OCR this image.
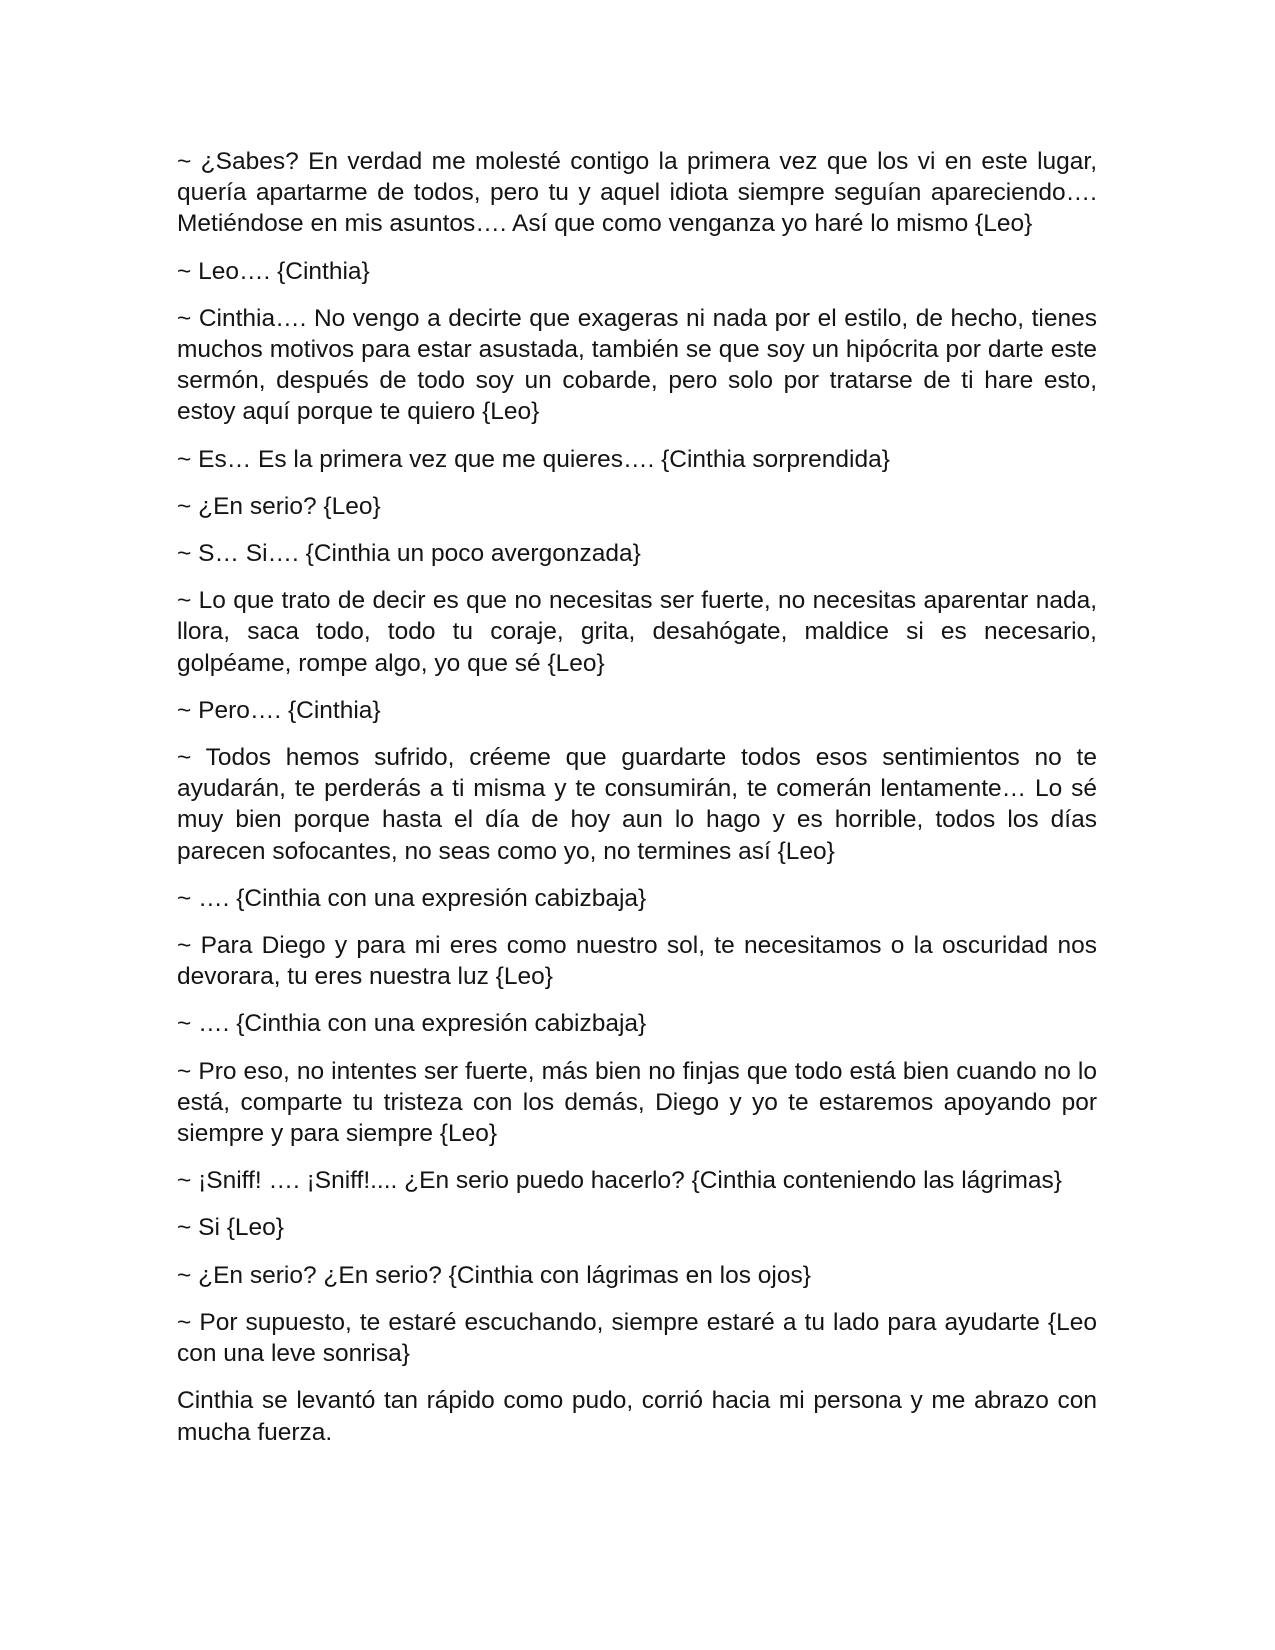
~ ¿Sabes? En verdad me molesté contigo la primera vez que los vi en este lugar, quería apartarme de todos, pero tu y aquel idiota siempre seguían apareciendo…. Metiéndose en mis asuntos…. Así que como venganza yo haré lo mismo {Leo}

~ Leo…. {Cinthia}

~ Cinthia…. No vengo a decirte que exageras ni nada por el estilo, de hecho, tienes muchos motivos para estar asustada, también se que soy un hipócrita por darte este sermón, después de todo soy un cobarde, pero solo por tratarse de ti hare esto, estoy aquí porque te quiero {Leo}

~ Es… Es la primera vez que me quieres…. {Cinthia sorprendida}

~ ¿En serio? {Leo}

~ S… Si…. {Cinthia un poco avergonzada}

~ Lo que trato de decir es que no necesitas ser fuerte, no necesitas aparentar nada, llora, saca todo, todo tu coraje, grita, desahógate, maldice si es necesario, golpéame, rompe algo, yo que sé {Leo}

~ Pero…. {Cinthia}

~ Todos hemos sufrido, créeme que guardarte todos esos sentimientos no te ayudarán, te perderás a ti misma y te consumirán, te comerán lentamente… Lo sé muy bien porque hasta el día de hoy aun lo hago y es horrible, todos los días parecen sofocantes, no seas como yo, no termines así {Leo}

~ …. {Cinthia con una expresión cabizbaja}

~ Para Diego y para mi eres como nuestro sol, te necesitamos o la oscuridad nos devorara, tu eres nuestra luz {Leo}

~ …. {Cinthia con una expresión cabizbaja}

~ Pro eso, no intentes ser fuerte, más bien no finjas que todo está bien cuando no lo está, comparte tu tristeza con los demás, Diego y yo te estaremos apoyando por siempre y para siempre {Leo}

~ ¡Sniff! …. ¡Sniff!.... ¿En serio puedo hacerlo? {Cinthia conteniendo las lágrimas}

~ Si {Leo}

~ ¿En serio? ¿En serio? {Cinthia con lágrimas en los ojos}

~ Por supuesto, te estaré escuchando, siempre estaré a tu lado para ayudarte {Leo con una leve sonrisa}

Cinthia se levantó tan rápido como pudo, corrió hacia mi persona y me abrazo con mucha fuerza.
